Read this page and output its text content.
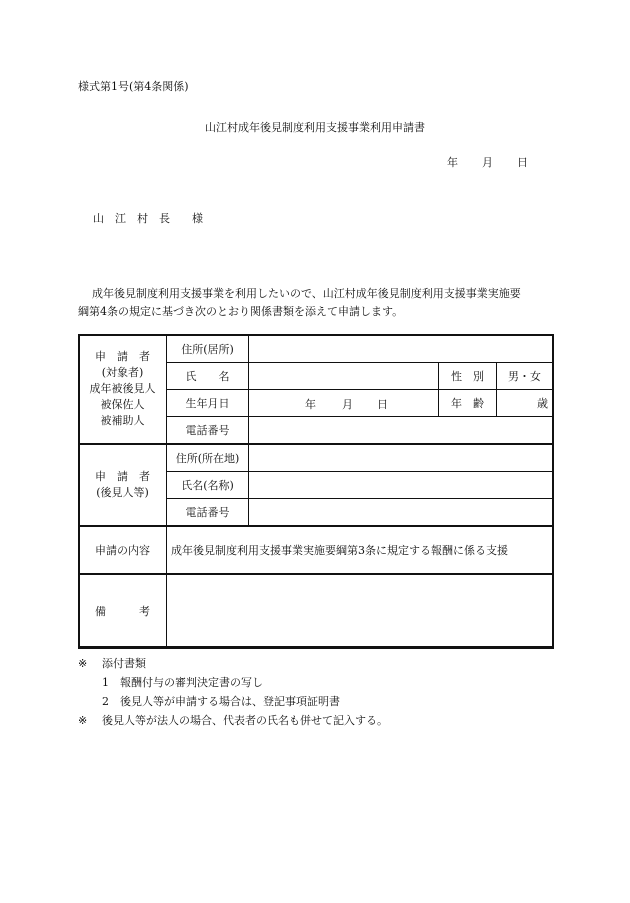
様式第1号(第4条関係)
山江村成年後見制度利用支援事業利用申請書
年 月 日
山　江　村　長　　様
成年後見制度利用支援事業を利用したいので、山江村成年後見制度利用支援事業実施要
綱第4条の規定に基づき次のとおり関係書類を添えて申請します。
申　請　者
(対象者)
成年被後見人
被保佐人
被補助人	住所(居所)			
	氏　　名		性　別	男・女
	生年月日	年 月 日	年　齢	歳
	電話番号			

申　請　者
(後見人等)	住所(所在地)			
	氏名(名称)			
	電話番号			
申請の内容	成年後見制度利用支援事業実施要綱第3条に規定する報酬に係る支援			
備　　　考				
※ 添付書類
1　報酬付与の審判決定書の写し
2　後見人等が申請する場合は、登記事項証明書
※ 後見人等が法人の場合、代表者の氏名も併せて記入する。
